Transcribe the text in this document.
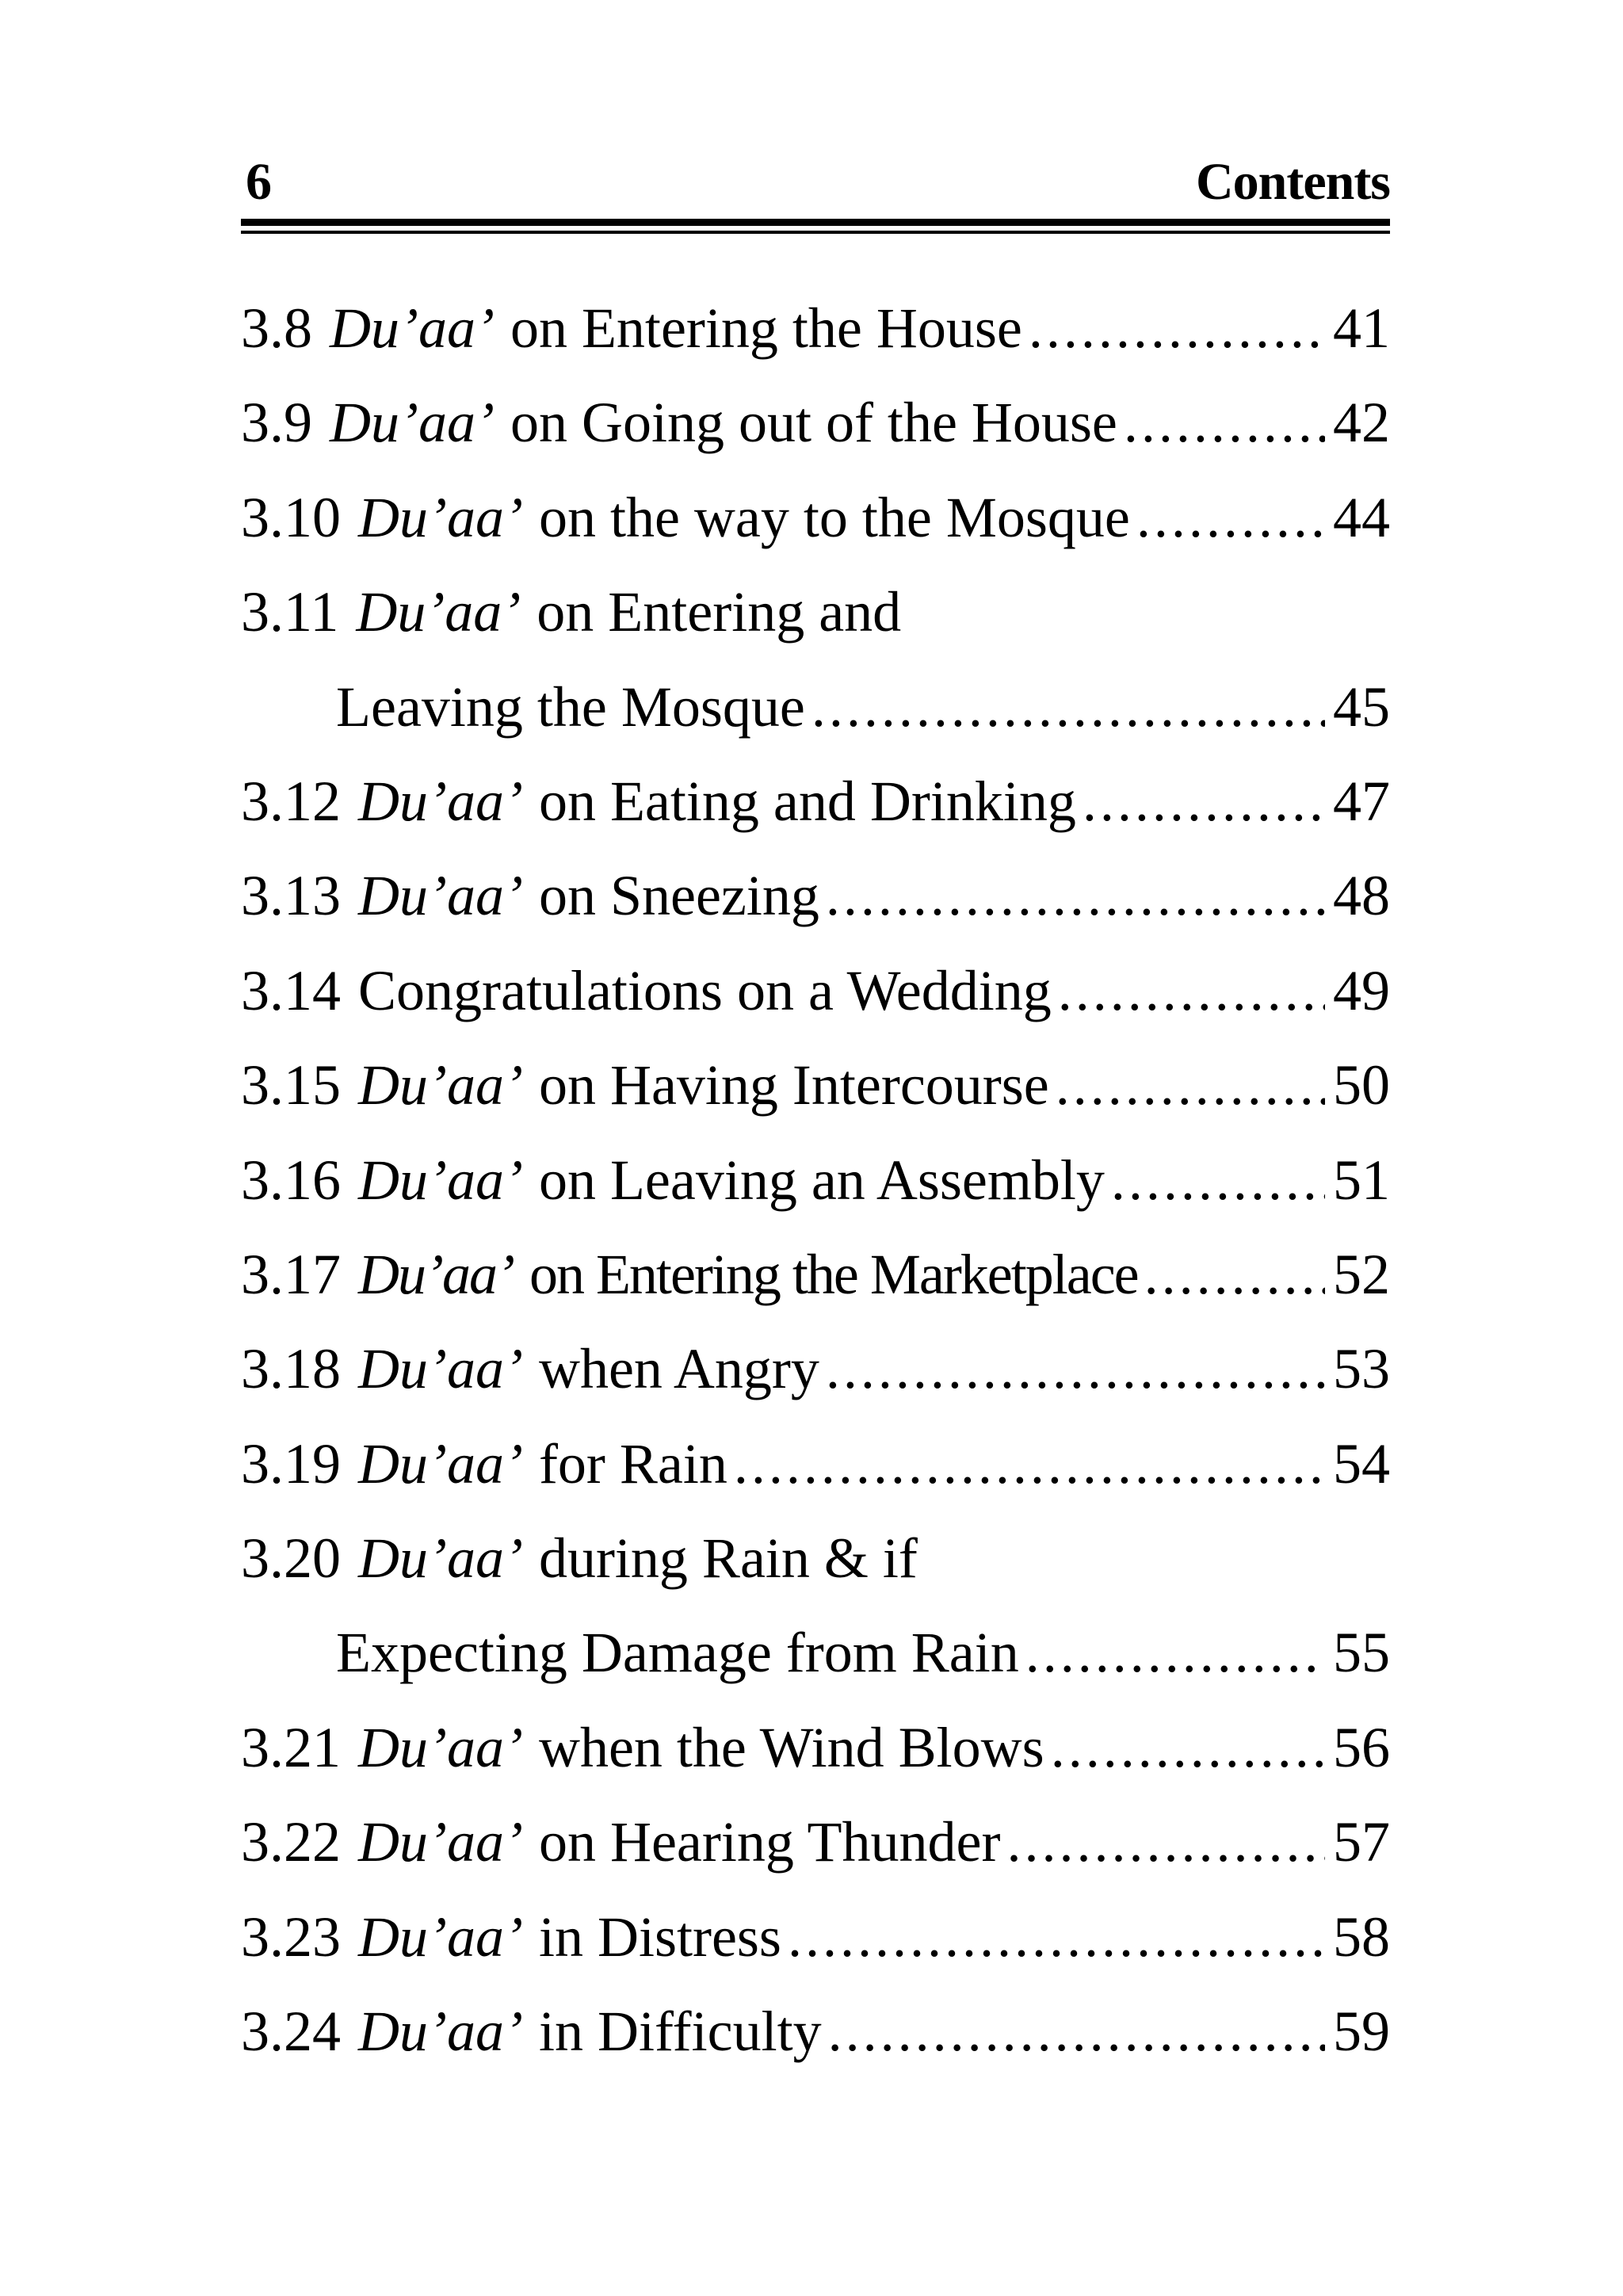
6	Contents
3.8 Du’aa’ on Entering the House .....	41
3.9 Du’aa’ on Going out of the House .....	42
3.10 Du’aa’ on the way to the Mosque .....	44
3.11 Du’aa’ on Entering and
Leaving the Mosque .....	45
3.12 Du’aa’ on Eating and Drinking .....	47
3.13 Du’aa’ on Sneezing .....	48
3.14 Congratulations on a Wedding .....	49
3.15 Du’aa’ on Having Intercourse .....	50
3.16 Du’aa’ on Leaving an Assembly .....	51
3.17 Du’aa’ on Entering the Marketplace .....	52
3.18 Du’aa’ when Angry .....	53
3.19 Du’aa’ for Rain .....	54
3.20 Du’aa’ during Rain & if
Expecting Damage from Rain .....	55
3.21 Du’aa’ when the Wind Blows .....	56
3.22 Du’aa’ on Hearing Thunder .....	57
3.23 Du’aa’ in Distress .....	58
3.24 Du’aa’ in Difficulty .....	59
